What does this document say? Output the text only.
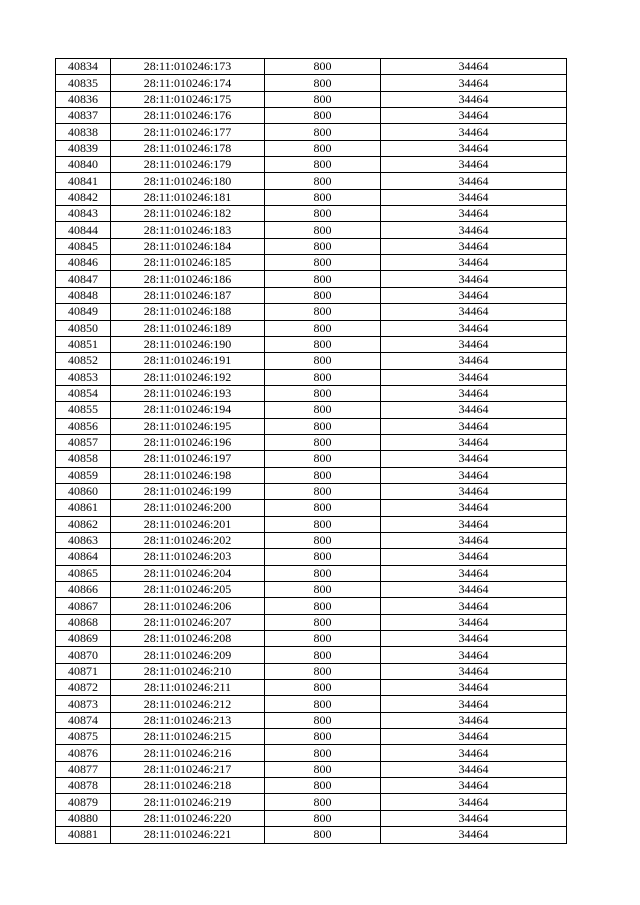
40834	28:11:010246:173	800	34464
40835	28:11:010246:174	800	34464
40836	28:11:010246:175	800	34464
40837	28:11:010246:176	800	34464
40838	28:11:010246:177	800	34464
40839	28:11:010246:178	800	34464
40840	28:11:010246:179	800	34464
40841	28:11:010246:180	800	34464
40842	28:11:010246:181	800	34464
40843	28:11:010246:182	800	34464
40844	28:11:010246:183	800	34464
40845	28:11:010246:184	800	34464
40846	28:11:010246:185	800	34464
40847	28:11:010246:186	800	34464
40848	28:11:010246:187	800	34464
40849	28:11:010246:188	800	34464
40850	28:11:010246:189	800	34464
40851	28:11:010246:190	800	34464
40852	28:11:010246:191	800	34464
40853	28:11:010246:192	800	34464
40854	28:11:010246:193	800	34464
40855	28:11:010246:194	800	34464
40856	28:11:010246:195	800	34464
40857	28:11:010246:196	800	34464
40858	28:11:010246:197	800	34464
40859	28:11:010246:198	800	34464
40860	28:11:010246:199	800	34464
40861	28:11:010246:200	800	34464
40862	28:11:010246:201	800	34464
40863	28:11:010246:202	800	34464
40864	28:11:010246:203	800	34464
40865	28:11:010246:204	800	34464
40866	28:11:010246:205	800	34464
40867	28:11:010246:206	800	34464
40868	28:11:010246:207	800	34464
40869	28:11:010246:208	800	34464
40870	28:11:010246:209	800	34464
40871	28:11:010246:210	800	34464
40872	28:11:010246:211	800	34464
40873	28:11:010246:212	800	34464
40874	28:11:010246:213	800	34464
40875	28:11:010246:215	800	34464
40876	28:11:010246:216	800	34464
40877	28:11:010246:217	800	34464
40878	28:11:010246:218	800	34464
40879	28:11:010246:219	800	34464
40880	28:11:010246:220	800	34464
40881	28:11:010246:221	800	34464
